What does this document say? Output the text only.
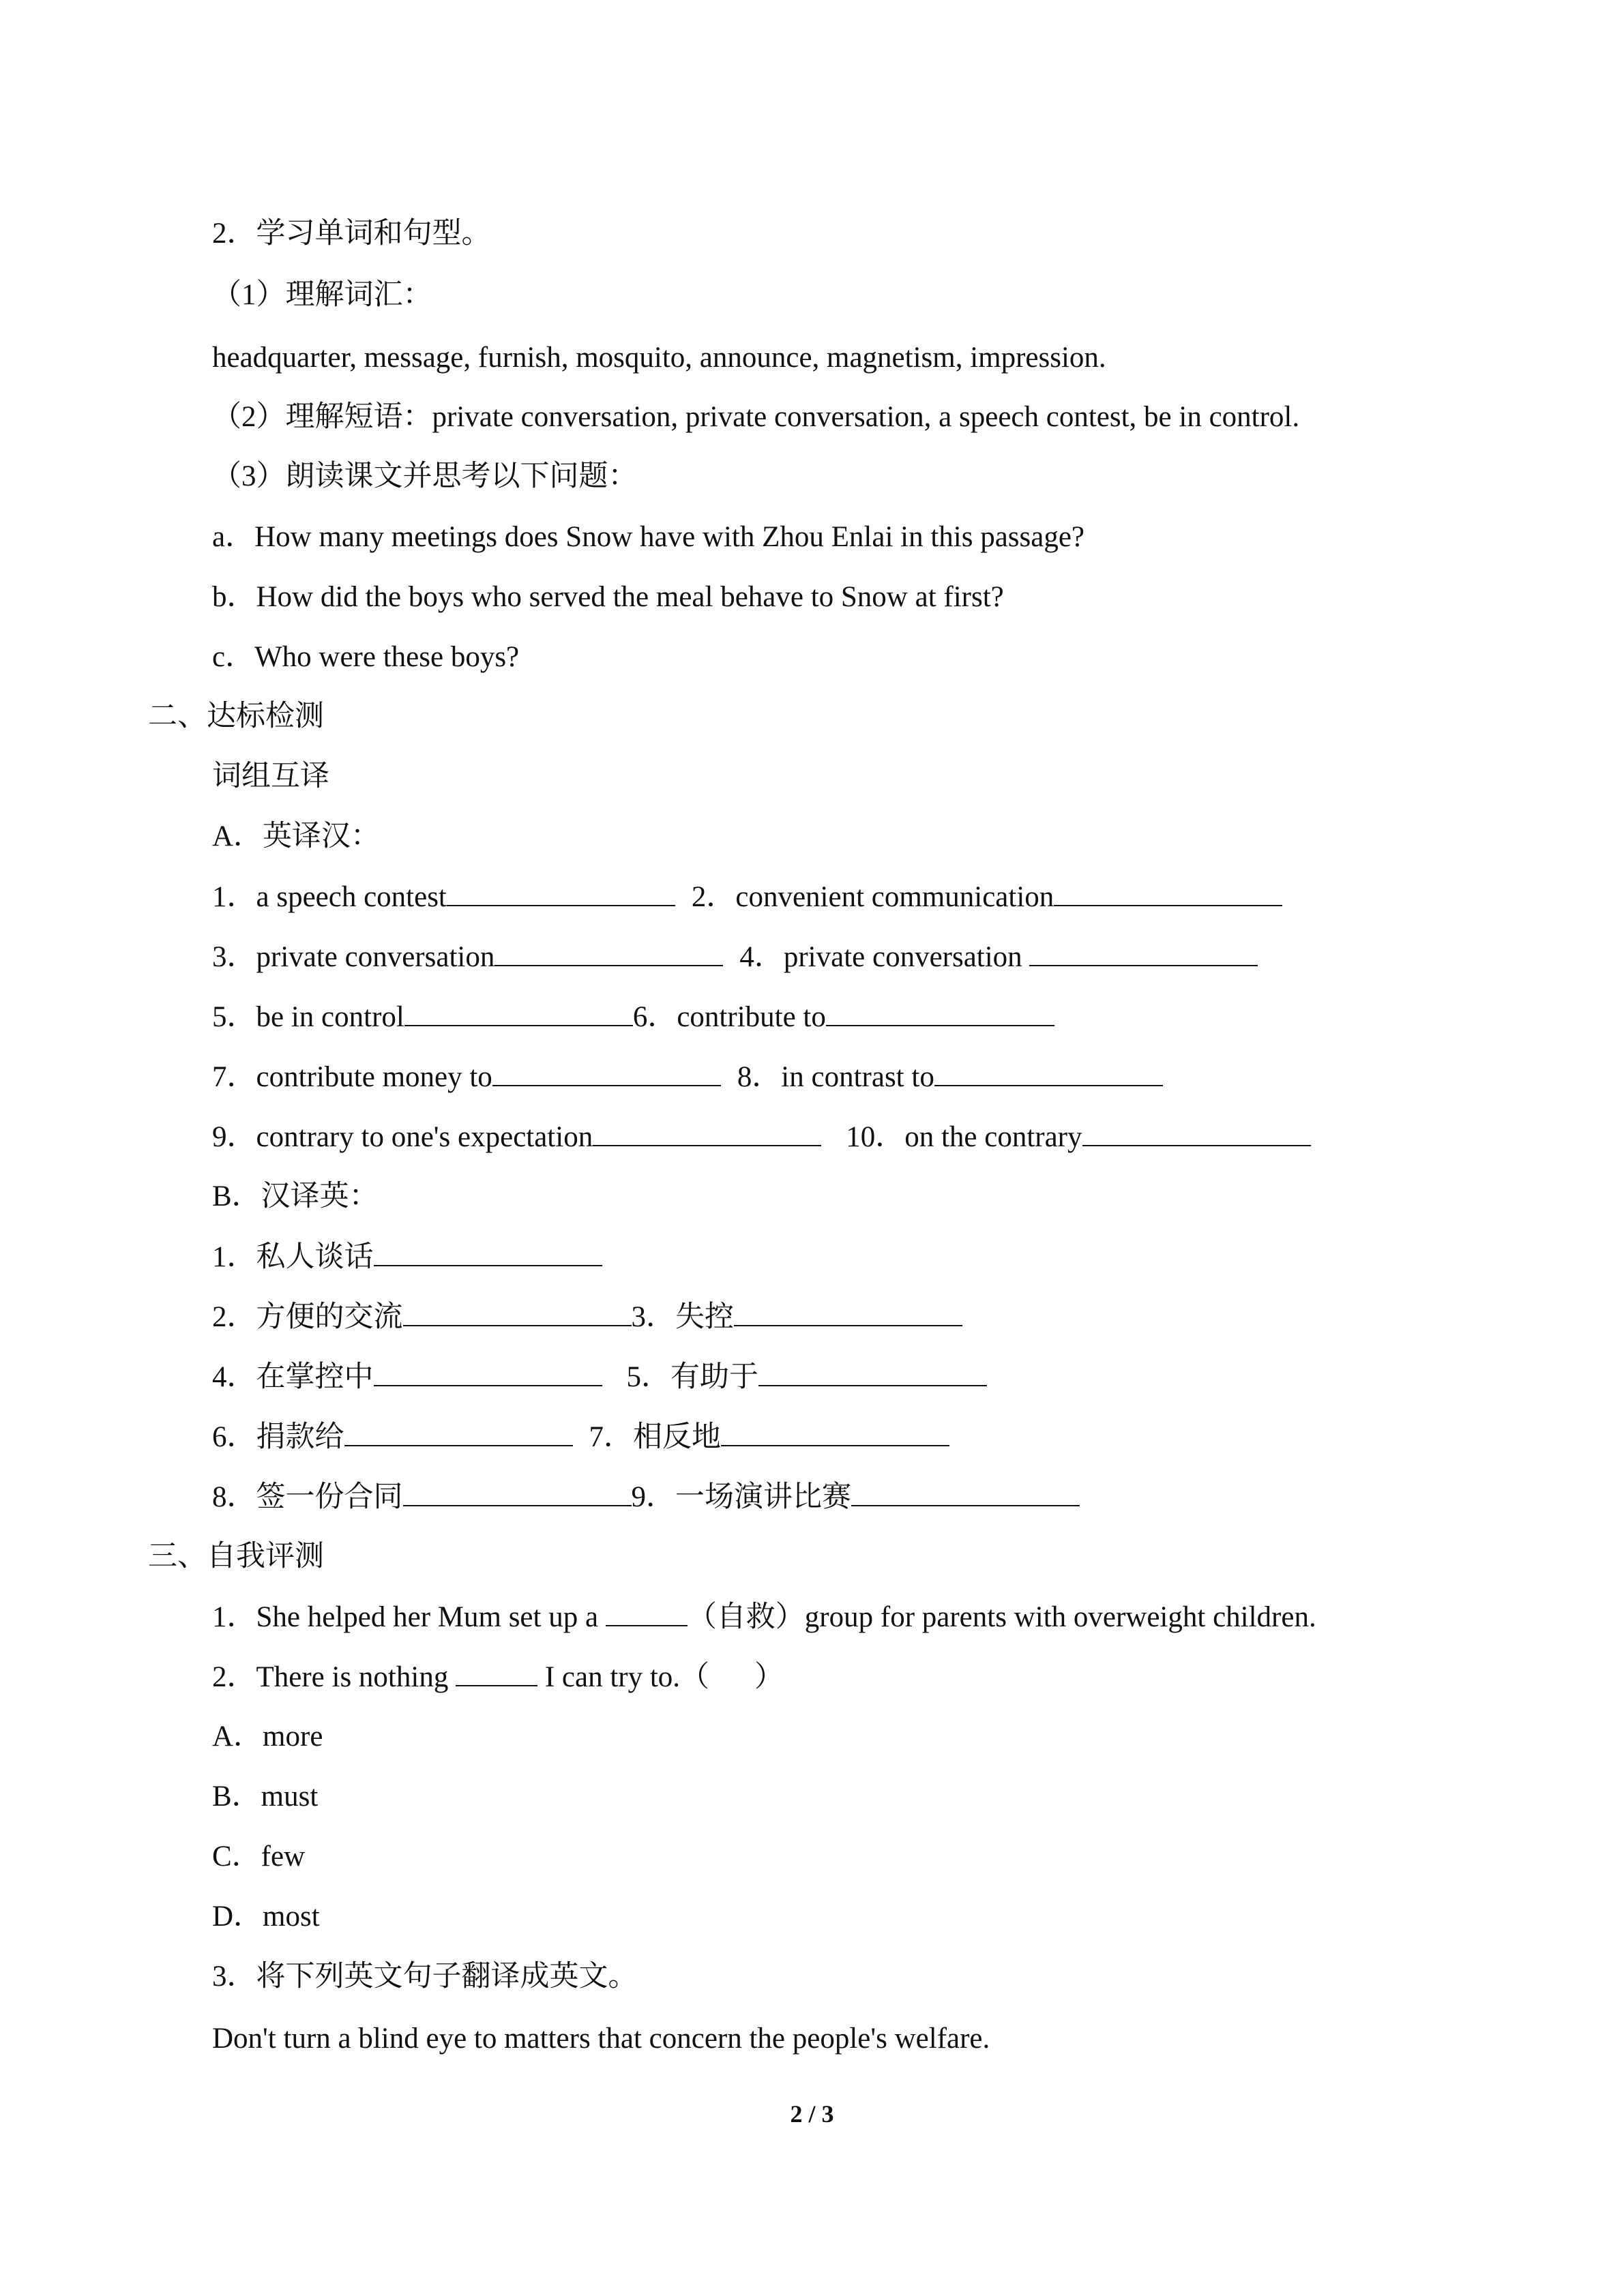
2．学习单词和句型。
（1）理解词汇：
headquarter, message, furnish, mosquito, announce, magnetism, impression.
（2）理解短语：private conversation, private conversation, a speech contest, be in control.
（3）朗读课文并思考以下问题：
a．How many meetings does Snow have with Zhou Enlai in this passage?
b．How did the boys who served the meal behave to Snow at first?
c．Who were these boys?
二、达标检测
词组互译
A．英译汉：
1．a speech contest	2．convenient communication
3．private conversation	4．private conversation
5．be in control	6．contribute to
7．contribute money to	8．in contrast to
9．contrary to one's expectation	10．on the contrary
B．汉译英：
1．私人谈话
2．方便的交流	3．失控
4．在掌控中	5．有助于
6．捐款给	7．相反地
8．签一份合同	9．一场演讲比赛
三、自我评测
1．She helped her Mum set up a	（自救）group for parents with overweight children.
2．There is nothing	I can try to.（ ）
A．more
B．must
C．few
D．most
3．将下列英文句子翻译成英文。
Don't turn a blind eye to matters that concern the people's welfare.
2 / 3
